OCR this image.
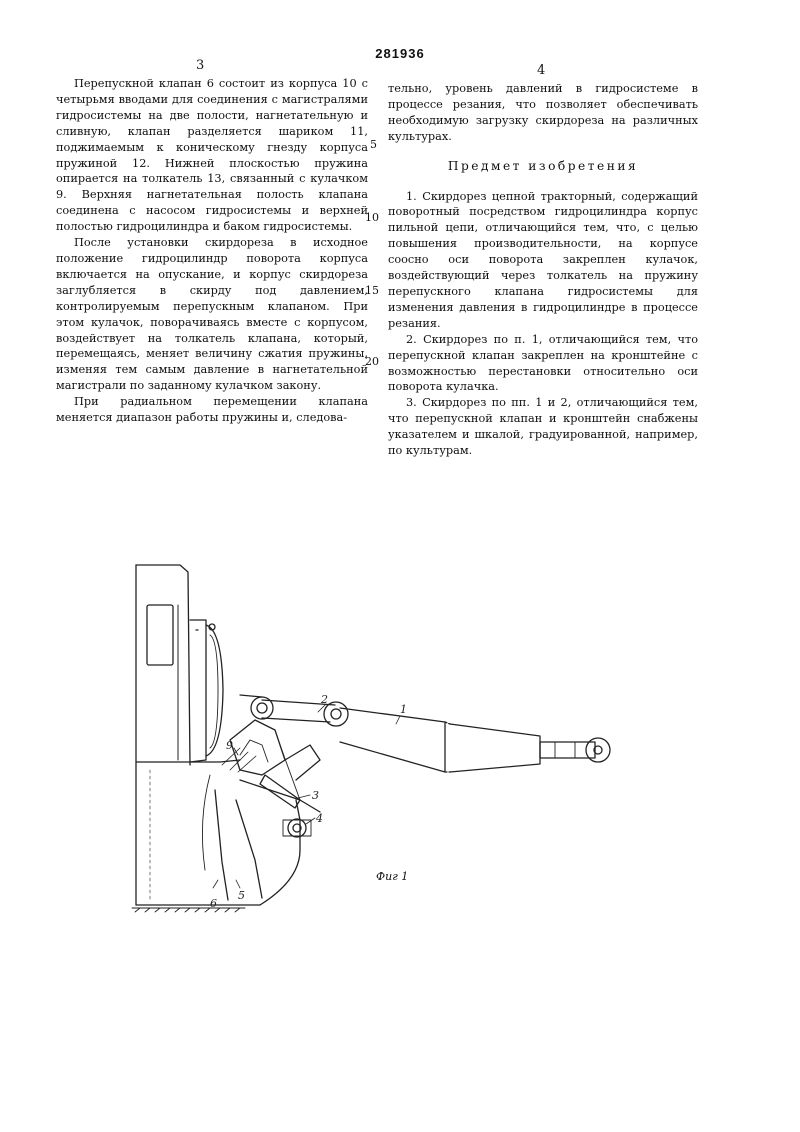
281936
3	4

Перепускной клапан 6 состоит из корпуса 10 с четырьмя вводами для соединения с магистралями гидросистемы на две полости, нагнетательную и сливную, клапан разделяется шариком 11, поджимаемым к коническому гнезду корпуса пружиной 12. Нижней плоскостью пружина опирается на толкатель 13, связанный с кулачком 9. Верхняя нагнетательная полость клапана соединена с насосом гидросистемы и верхней полостью гидроцилиндра и баком гидросистемы.

После установки скирдореза в исходное положение гидроцилиндр поворота корпуса включается на опускание, и корпус скирдореза заглубляется в скирду под давлением, контролируемым перепускным клапаном. При этом кулачок, поворачиваясь вместе с корпусом, воздействует на толкатель клапана, который, перемещаясь, меняет величину сжатия пружины, изменяя тем самым давление в нагнетательной магистрали по заданному кулачком закону.

При радиальном перемещении клапана меняется диапазон работы пружины и, следова-

тельно, уровень давлений в гидросистеме в процессе резания, что позволяет обеспечивать необходимую загрузку скирдореза на различных культурах.

Предмет изобретения

1. Скирдорез цепной тракторный, содержащий поворотный посредством гидроцилиндра корпус пильной цепи, отличающийся тем, что, с целью повышения производительности, на корпусе соосно оси поворота закреплен кулачок, воздействующий через толкатель на пружину перепускного клапана гидросистемы для изменения давления в гидроцилиндре в процессе резания.

2. Скирдорез по п. 1, отличающийся тем, что перепускной клапан закреплен на кронштейне с возможностью перестановки относительно оси поворота кулачка.

3. Скирдорез по пп. 1 и 2, отличающийся тем, что перепускной клапан и кронштейн снабжены указателем и шкалой, градуированной, например, по культурам.

5
10
15
20
2
1
9
3
4
5
6
Фиг 1
